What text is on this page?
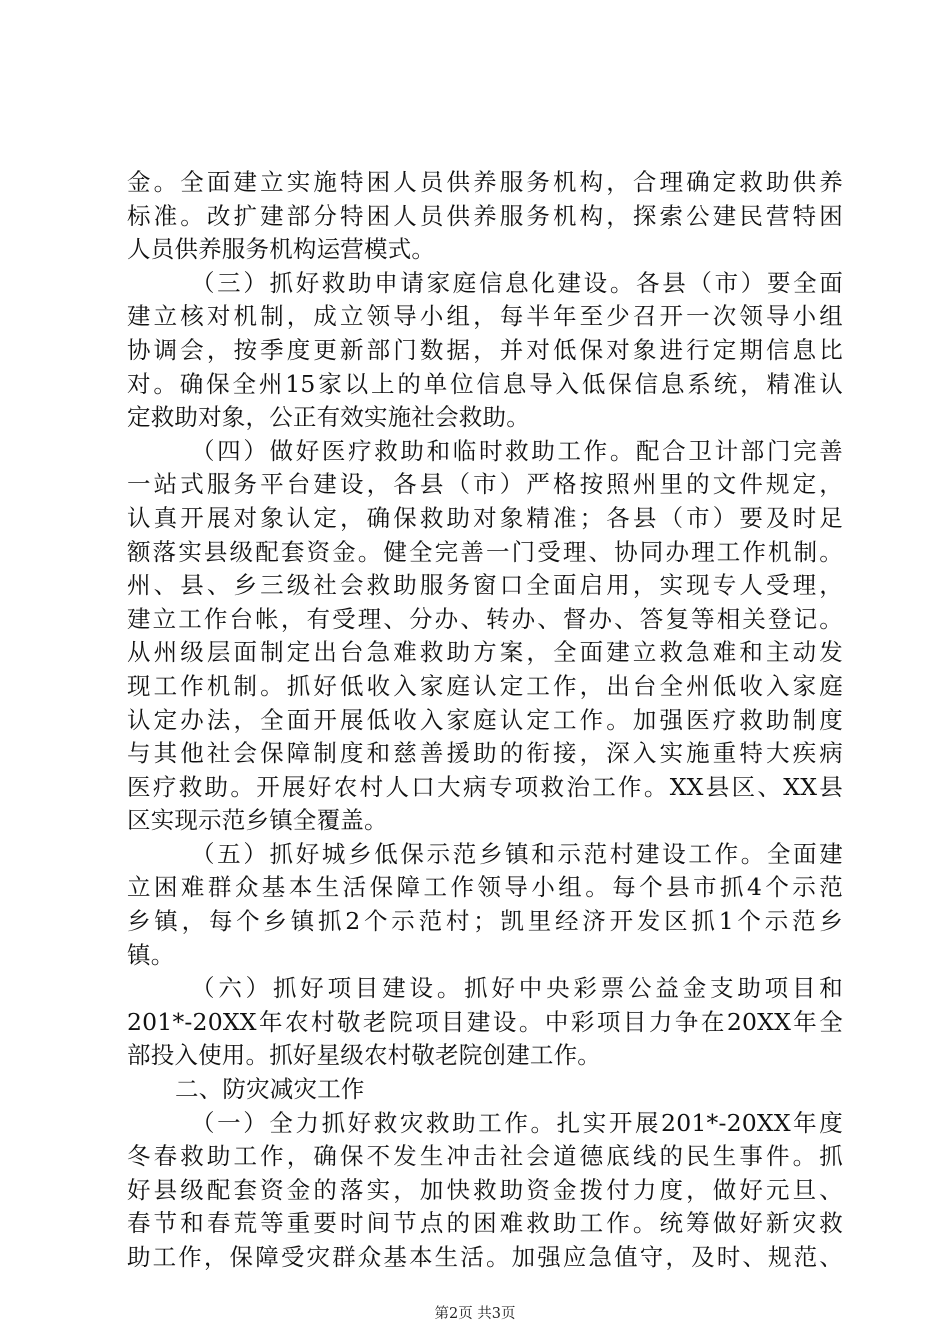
金。全面建立实施特困人员供养服务机构，合理确定救助供养
标准。改扩建部分特困人员供养服务机构，探索公建民营特困
人员供养服务机构运营模式。
（三）抓好救助申请家庭信息化建设。各县（市）要全面
建立核对机制，成立领导小组，每半年至少召开一次领导小组
协调会，按季度更新部门数据，并对低保对象进行定期信息比
对。确保全州15家以上的单位信息导入低保信息系统，精准认
定救助对象，公正有效实施社会救助。
（四）做好医疗救助和临时救助工作。配合卫计部门完善
一站式服务平台建设，各县（市）严格按照州里的文件规定，
认真开展对象认定，确保救助对象精准；各县（市）要及时足
额落实县级配套资金。健全完善一门受理、协同办理工作机制。
州、县、乡三级社会救助服务窗口全面启用，实现专人受理，
建立工作台帐，有受理、分办、转办、督办、答复等相关登记。
从州级层面制定出台急难救助方案，全面建立救急难和主动发
现工作机制。抓好低收入家庭认定工作，出台全州低收入家庭
认定办法，全面开展低收入家庭认定工作。加强医疗救助制度
与其他社会保障制度和慈善援助的衔接，深入实施重特大疾病
医疗救助。开展好农村人口大病专项救治工作。XX县区、XX县
区实现示范乡镇全覆盖。
（五）抓好城乡低保示范乡镇和示范村建设工作。全面建
立困难群众基本生活保障工作领导小组。每个县市抓4个示范
乡镇，每个乡镇抓2个示范村；凯里经济开发区抓1个示范乡
镇。
（六）抓好项目建设。抓好中央彩票公益金支助项目和
201*-20XX年农村敬老院项目建设。中彩项目力争在20XX年全
部投入使用。抓好星级农村敬老院创建工作。
二、防灾减灾工作
（一）全力抓好救灾救助工作。扎实开展201*-20XX年度
冬春救助工作，确保不发生冲击社会道德底线的民生事件。抓
好县级配套资金的落实，加快救助资金拨付力度，做好元旦、
春节和春荒等重要时间节点的困难救助工作。统筹做好新灾救
助工作，保障受灾群众基本生活。加强应急值守，及时、规范、
第2页 共3页
